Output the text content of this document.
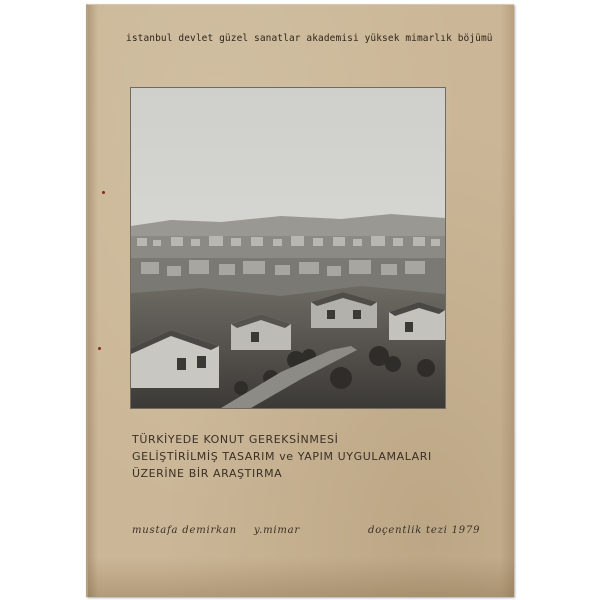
istanbul devlet güzel sanatlar akademisi yüksek mimarlık böjümü
TÜRKİYEDE KONUT GEREKSİNMESİ
GELİŞTİRİLMİŞ TASARIM ve YAPIM UYGULAMALARI
ÜZERİNE BİR ARAŞTIRMA
mustafa demirkan y.mimar	doçentlik tezi 1979
